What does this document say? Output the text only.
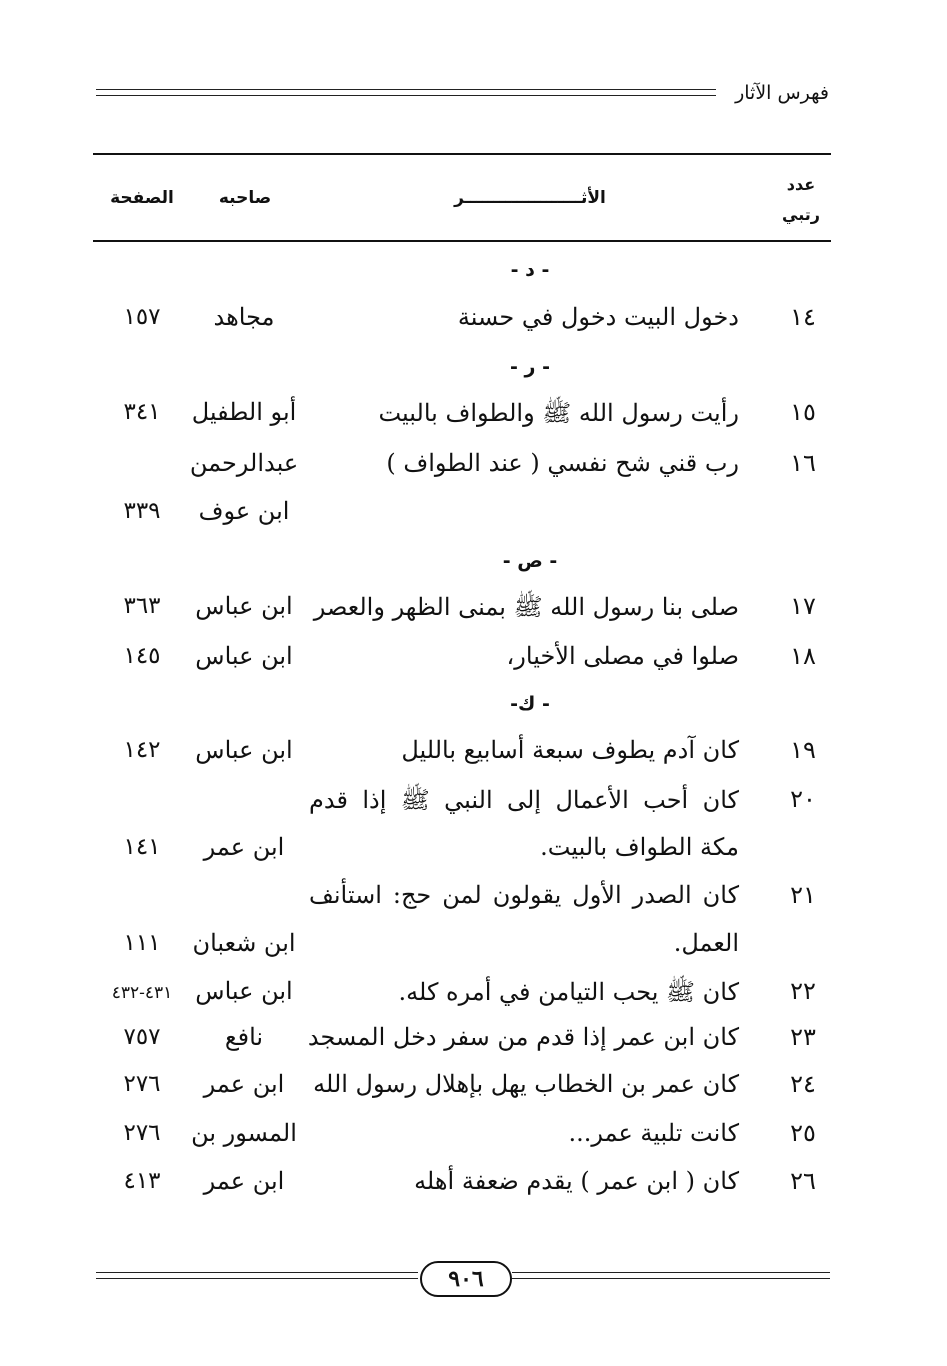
فهرس الآثار
عدد رتبي
الأثــــــــــــــــــــر
صاحبه
الصفحة
- د -
١٤
دخول البيت دخول في حسنة
مجاهد
١٥٧
- ر -
١٥
رأيت رسول الله ﷺ والطواف بالبيت
أبو الطفيل
٣٤١
١٦
رب قني شح نفسي ( عند الطواف )
عبدالرحمن
ابن عوف
٣٣٩
- ص -
١٧
صلى بنا رسول الله ﷺ بمنى الظهر والعصر
ابن عباس
٣٦٣
١٨
صلوا في مصلى الأخيار،
ابن عباس
١٤٥
- ك-
١٩
كان آدم يطوف سبعة أسابيع بالليل
ابن عباس
١٤٢
٢٠
كان أحب الأعمال إلى النبي ﷺ إذا قدم
مكة الطواف بالبيت.
ابن عمر
١٤١
٢١
كان الصدر الأول يقولون لمن حج: استأنف
العمل.
ابن شعبان
١١١
٢٢
كان ﷺ يحب التيامن في أمره كله.
ابن عباس
٤٣١-٤٣٢
٢٣
كان ابن عمر إذا قدم من سفر دخل المسجد
نافع
٧٥٧
٢٤
كان عمر بن الخطاب يهل بإهلال رسول الله
ابن عمر
٢٧٦
٢٥
كانت تلبية عمر...
المسور بن
٢٧٦
٢٦
كان ( ابن عمر ) يقدم ضعفة أهله
ابن عمر
٤١٣
٩٠٦
